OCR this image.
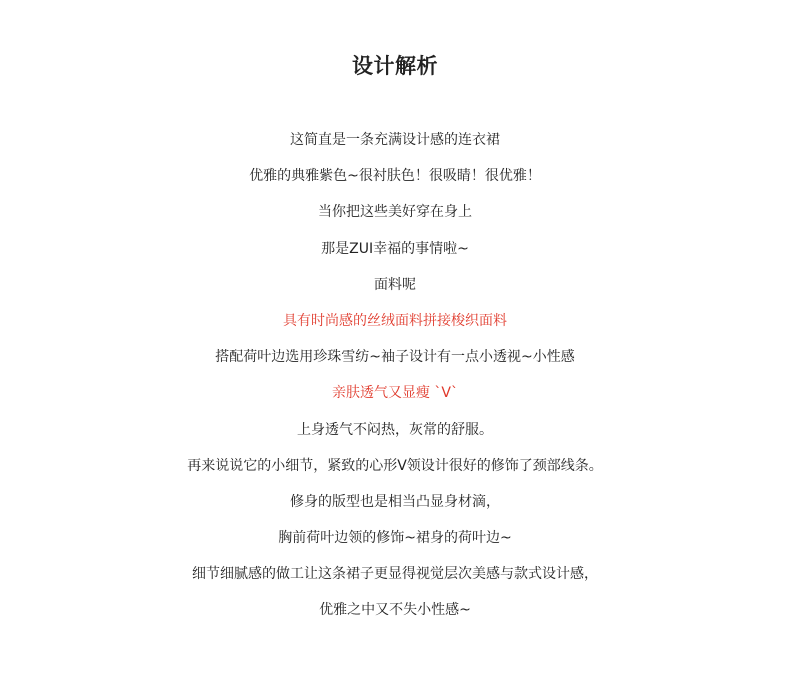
设计解析
这简直是一条充满设计感的连衣裙
优雅的典雅紫色~很衬肤色！很吸睛！很优雅！
当你把这些美好穿在身上
那是ZUI幸福的事情啦~
面料呢
具有时尚感的丝绒面料拼接梭织面料
搭配荷叶边选用珍珠雪纺~袖子设计有一点小透视~小性感
亲肤透气又显瘦 `V`
上身透气不闷热，灰常的舒服。
再来说说它的小细节，紧致的心形V领设计很好的修饰了颈部线条。
修身的版型也是相当凸显身材滴，
胸前荷叶边领的修饰~裙身的荷叶边~
细节细腻感的做工让这条裙子更显得视觉层次美感与款式设计感，
优雅之中又不失小性感~
